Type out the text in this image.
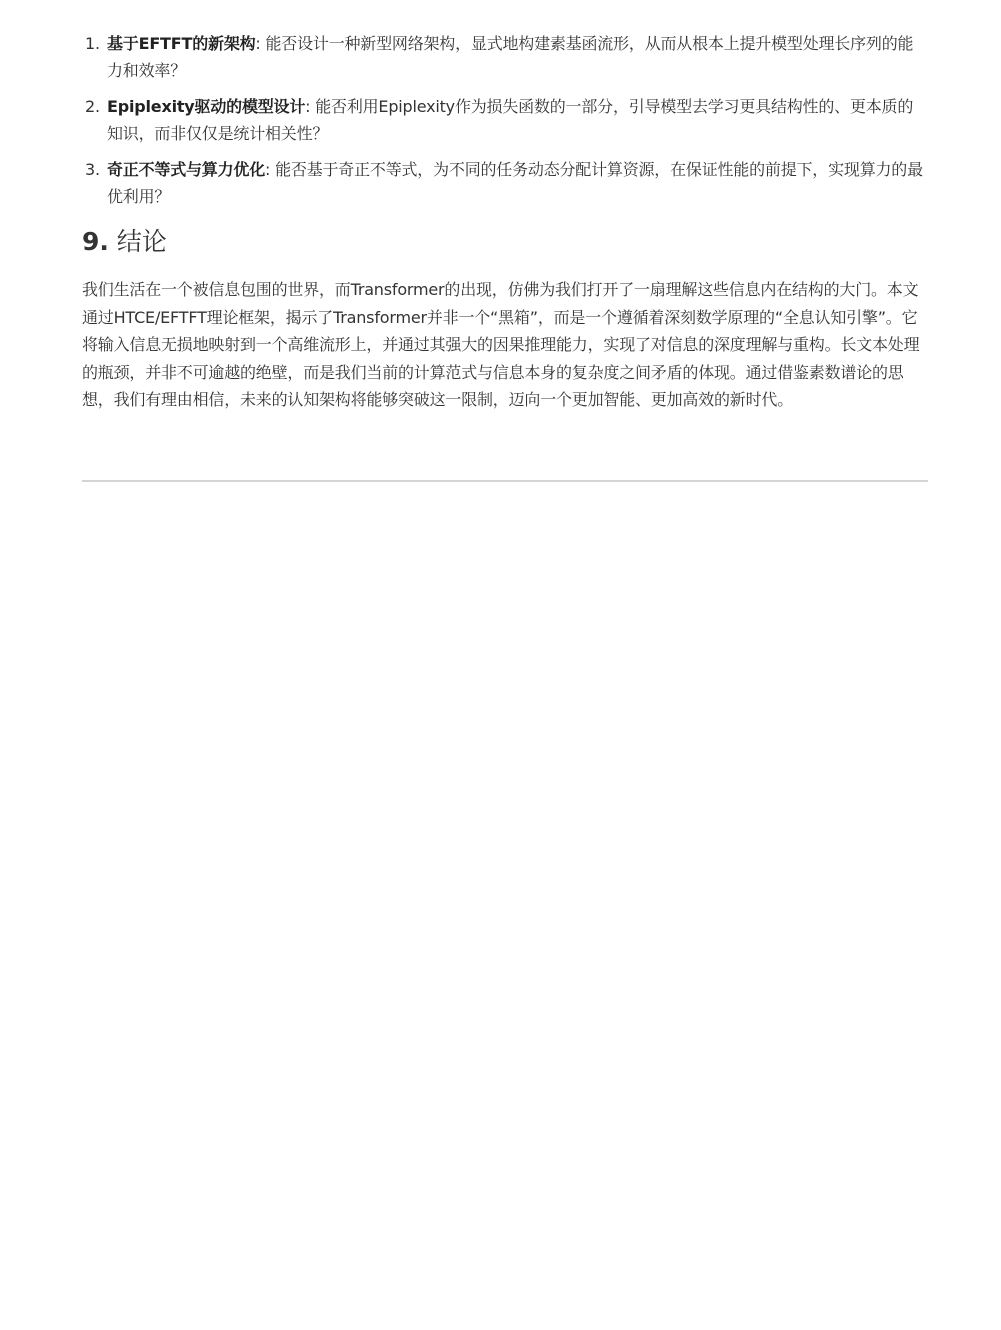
1. 基于EFTFT的新架构: 能否设计一种新型网络架构，显式地构建素基函流形，从而从根本上提升模型处理长序列的能力和效率？
2. Epiplexity驱动的模型设计: 能否利用Epiplexity作为损失函数的一部分，引导模型去学习更具结构性的、更本质的知识，而非仅仅是统计相关性？
3. 奇正不等式与算力优化: 能否基于奇正不等式，为不同的任务动态分配计算资源，在保证性能的前提下，实现算力的最优利用？
9. 结论

我们生活在一个被信息包围的世界，而Transformer的出现，仿佛为我们打开了一扇理解这些信息内在结构的大门。本文通过HTCE/EFTFT理论框架，揭示了Transformer并非一个“黑箱”，而是一个遵循着深刻数学原理的“全息认知引擎”。它将输入信息无损地映射到一个高维流形上，并通过其强大的因果推理能力，实现了对信息的深度理解与重构。长文本处理的瓶颈，并非不可逾越的绝壁，而是我们当前的计算范式与信息本身的复杂度之间矛盾的体现。通过借鉴素数谱论的思想，我们有理由相信，未来的认知架构将能够突破这一限制，迈向一个更加智能、更加高效的新时代。
